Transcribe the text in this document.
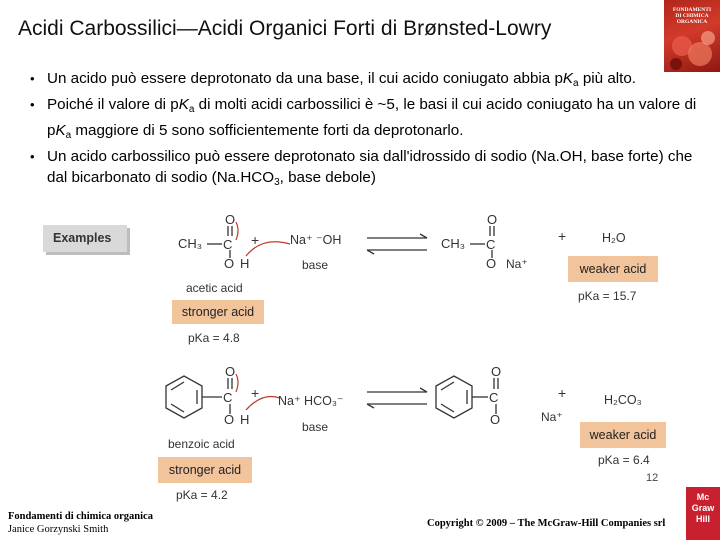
Acidi Carbossilici—Acidi Organici Forti di Brønsted-Lowry
FONDAMENTI
DI CHIMICA
ORGANICA
• Un acido può essere deprotonato da una base, il cui acido coniugato abbia $pK_a$ più alto.
• Poiché il valore di $pK_a$ di molti acidi carbossilici è ~5, le basi il cui acido coniugato ha un valore di $pK_a$ maggiore di 5 sono sofficientemente forti da deprotonarlo.
• Un acido carbossilico può essere deprotonato sia dall'idrossido di sodio (Na.OH, base forte) che dal bicarbonato di sodio ($Na.HCO_3$, base debole)
Examples	C
O
O H
C
O
O
C
O
O H
C
O
O
CH₃	+ Na⁺ ⁻OH
base
acetic acid
stronger acid
pKa = 4.8
CH₃
Na⁺
+	H₂O
weaker acid
pKa = 15.7
+ Na⁺ HCO₃⁻
base
benzoic acid
stronger acid
pKa = 4.2
Na⁺
+	H₂CO₃
weaker acid
pKa = 6.4
12
Fondamenti di chimica organica
Janice Gorzynski Smith
Copyright © 2009 – The McGraw-Hill Companies srl
Mc
Graw
Hill
